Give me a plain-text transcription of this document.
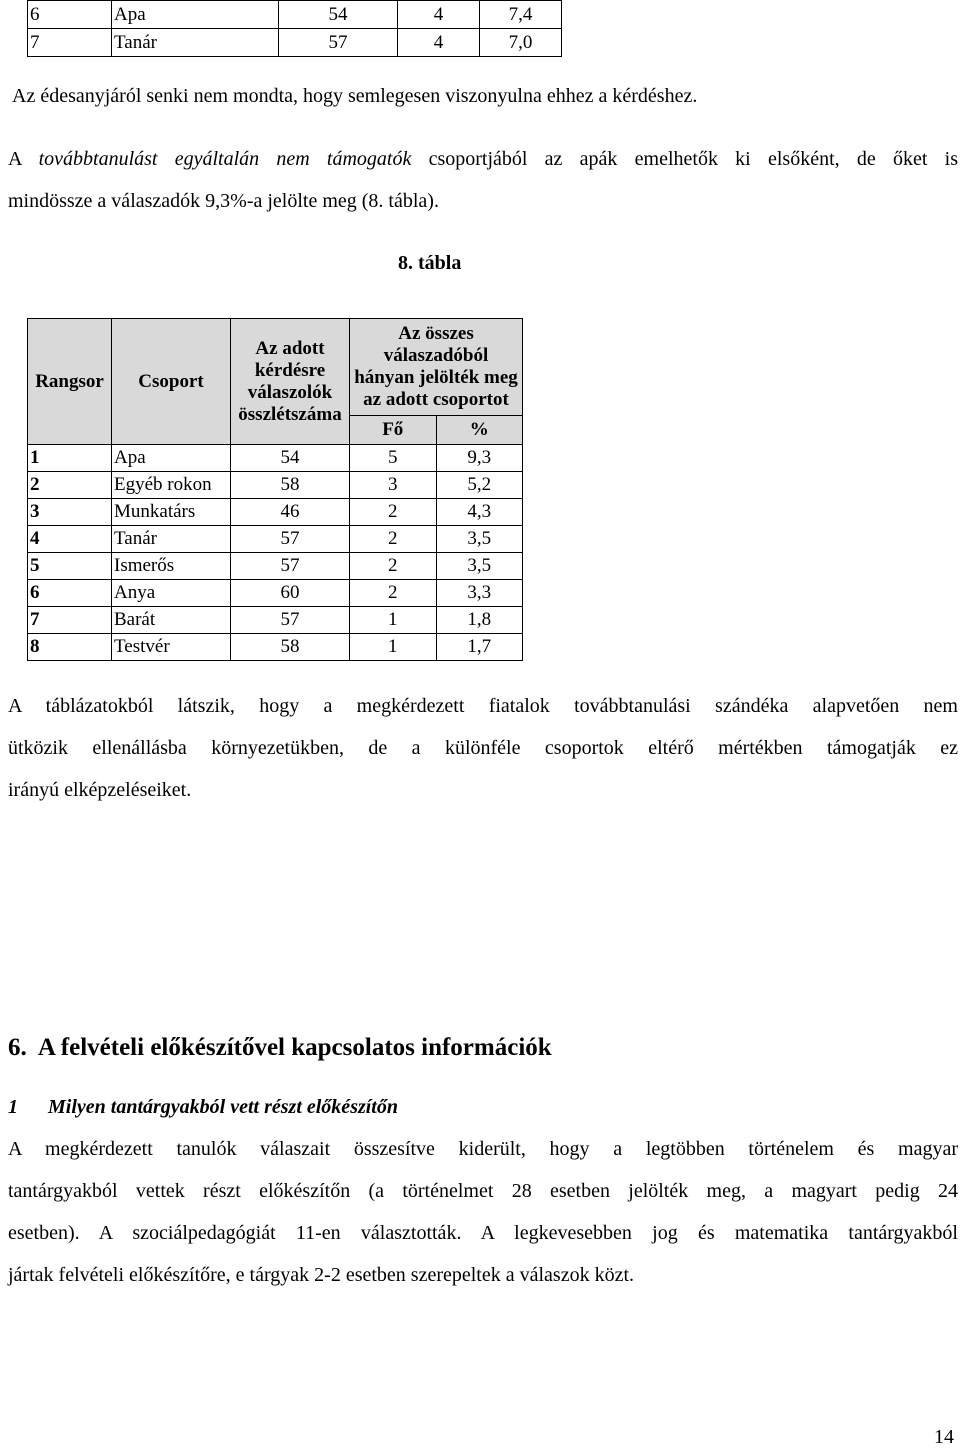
6	Apa	54	4	7,4
7	Tanár	57	4	7,0

Az édesanyjáról senki nem mondta, hogy semlegesen viszonyulna ehhez a kérdéshez.

A továbbtanulást egyáltalán nem támogatók csoportjából az apák emelhetők ki elsőként, de őket is
mindössze a válaszadók 9,3%-a jelölte meg (8. tábla).
8. tábla
Rangsor	Csoport	Az adott kérdésre válaszolók összlétszáma	Az összes válaszadóból hányan jelölték meg az adott csoportot	
			Fő	%
1	Apa	54	5	9,3
2	Egyéb rokon	58	3	5,2
3	Munkatárs	46	2	4,3
4	Tanár	57	2	3,5
5	Ismerős	57	2	3,5
6	Anya	60	2	3,3
7	Barát	57	1	1,8
8	Testvér	58	1	1,7
A táblázatokból látszik, hogy a megkérdezett fiatalok továbbtanulási szándéka alapvetően nem
ütközik ellenállásba környezetükben, de a különféle csoportok eltérő mértékben támogatják ez
irányú elképzeléseiket.
6.  A felvételi előkészítővel kapcsolatos információk
1      Milyen tantárgyakból vett részt előkészítőn
A megkérdezett tanulók válaszait összesítve kiderült, hogy a legtöbben történelem és magyar
tantárgyakból vettek részt előkészítőn (a történelmet 28 esetben jelölték meg, a magyart pedig 24
esetben). A szociálpedagógiát 11-en választották. A legkevesebben jog és matematika tantárgyakból
jártak felvételi előkészítőre, e tárgyak 2-2 esetben szerepeltek a válaszok közt.
14
